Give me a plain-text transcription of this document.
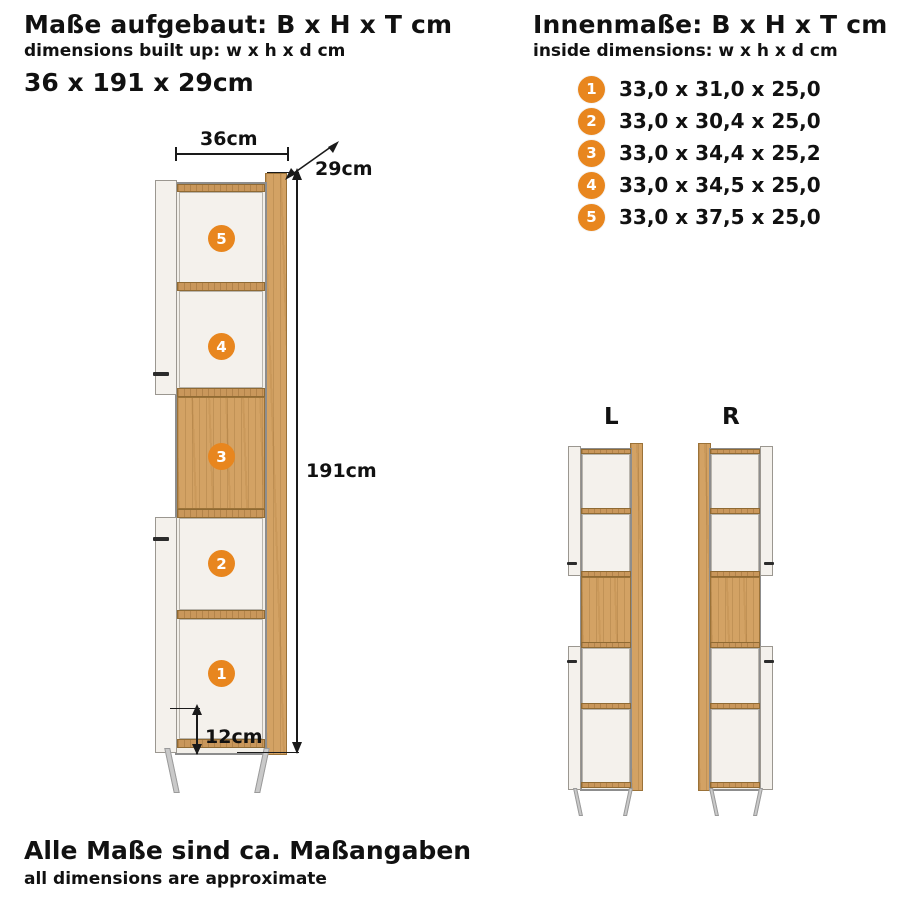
Maße aufgebaut: B x H x T cm
dimensions built up: w x h x d cm
36 x 191 x 29cm
Innenmaße: B x H x T cm
inside dimensions: w x h x d cm
1	33,0 x 31,0 x 25,0
2	33,0 x 30,4 x 25,0
3	33,0 x 34,4 x 25,2
4	33,0 x 34,5 x 25,0
5	33,0 x 37,5 x 25,0
5
4
3
2
1
36cm
29cm
191cm
12cm
L	R
Alle Maße sind ca. Maßangaben
all dimensions are approximate
